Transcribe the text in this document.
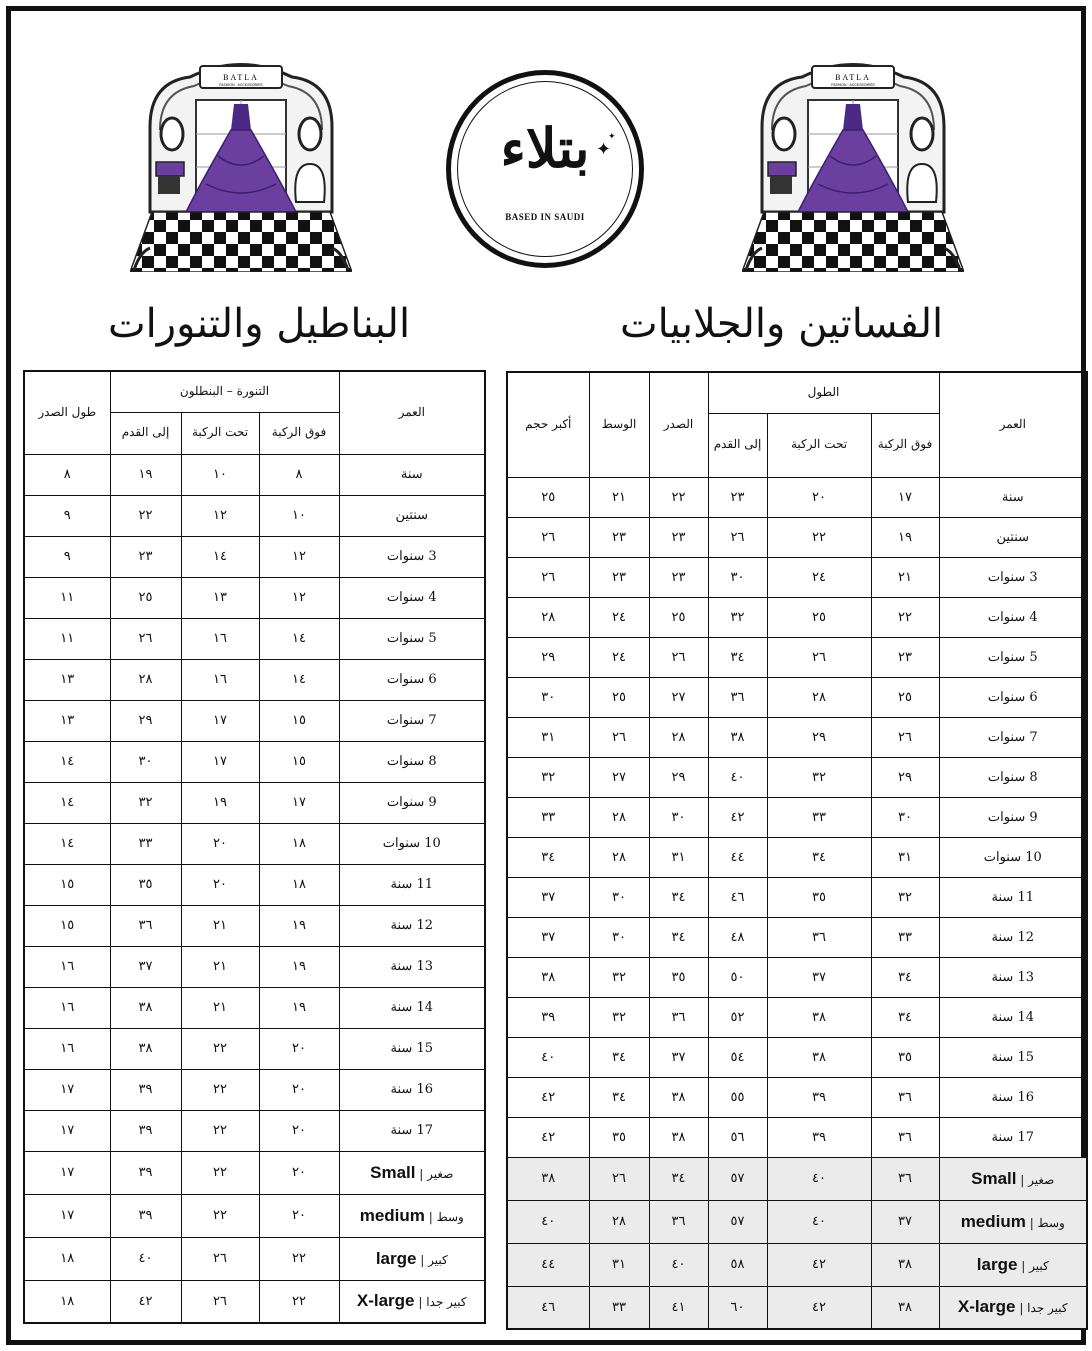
BATLA
FASHION · ACCESSORIES
بتلاء ✦
✦
BASED IN SAUDI
BATLA
FASHION · ACCESSORIES
البناطيل والتنورات	الفساتين والجلابيات
العمر	التنورة – البنطلون			طول الصدر
	فوق الركبة	تحت الركبة	إلى القدم	
سنة	٨	١٠	١٩	٨
سنتين	١٠	١٢	٢٢	٩
3 سنوات	١٢	١٤	٢٣	٩
4 سنوات	١٢	١٣	٢٥	١١
5 سنوات	١٤	١٦	٢٦	١١
6 سنوات	١٤	١٦	٢٨	١٣
7 سنوات	١٥	١٧	٢٩	١٣
8 سنوات	١٥	١٧	٣٠	١٤
9 سنوات	١٧	١٩	٣٢	١٤
10 سنوات	١٨	٢٠	٣٣	١٤
11 سنة	١٨	٢٠	٣٥	١٥
12 سنة	١٩	٢١	٣٦	١٥
13 سنة	١٩	٢١	٣٧	١٦
14 سنة	١٩	٢١	٣٨	١٦
15 سنة	٢٠	٢٢	٣٨	١٦
16 سنة	٢٠	٢٢	٣٩	١٧
17 سنة	٢٠	٢٢	٣٩	١٧
صغير | Small	٢٠	٢٢	٣٩	١٧
وسط | medium	٢٠	٢٢	٣٩	١٧
كبير | large	٢٢	٢٦	٤٠	١٨
كبير جدا | X-large	٢٢	٢٦	٤٢	١٨
العمر	الطول			الصدر	الوسط	أكبر حجم
	فوق الركبة	تحت الركبة	إلى القدم			
سنة	١٧	٢٠	٢٣	٢٢	٢١	٢٥
سنتين	١٩	٢٢	٢٦	٢٣	٢٣	٢٦
3 سنوات	٢١	٢٤	٣٠	٢٣	٢٣	٢٦
4 سنوات	٢٢	٢٥	٣٢	٢٥	٢٤	٢٨
5 سنوات	٢٣	٢٦	٣٤	٢٦	٢٤	٢٩
6 سنوات	٢٥	٢٨	٣٦	٢٧	٢٥	٣٠
7 سنوات	٢٦	٢٩	٣٨	٢٨	٢٦	٣١
8 سنوات	٢٩	٣٢	٤٠	٢٩	٢٧	٣٢
9 سنوات	٣٠	٣٣	٤٢	٣٠	٢٨	٣٣
10 سنوات	٣١	٣٤	٤٤	٣١	٢٨	٣٤
11 سنة	٣٢	٣٥	٤٦	٣٤	٣٠	٣٧
12 سنة	٣٣	٣٦	٤٨	٣٤	٣٠	٣٧
13 سنة	٣٤	٣٧	٥٠	٣٥	٣٢	٣٨
14 سنة	٣٤	٣٨	٥٢	٣٦	٣٢	٣٩
15 سنة	٣٥	٣٨	٥٤	٣٧	٣٤	٤٠
16 سنة	٣٦	٣٩	٥٥	٣٨	٣٤	٤٢
17 سنة	٣٦	٣٩	٥٦	٣٨	٣٥	٤٢
صغير | Small	٣٦	٤٠	٥٧	٣٤	٢٦	٣٨
وسط | medium	٣٧	٤٠	٥٧	٣٦	٢٨	٤٠
كبير | large	٣٨	٤٢	٥٨	٤٠	٣١	٤٤
كبير جدا | X-large	٣٨	٤٢	٦٠	٤١	٣٣	٤٦
